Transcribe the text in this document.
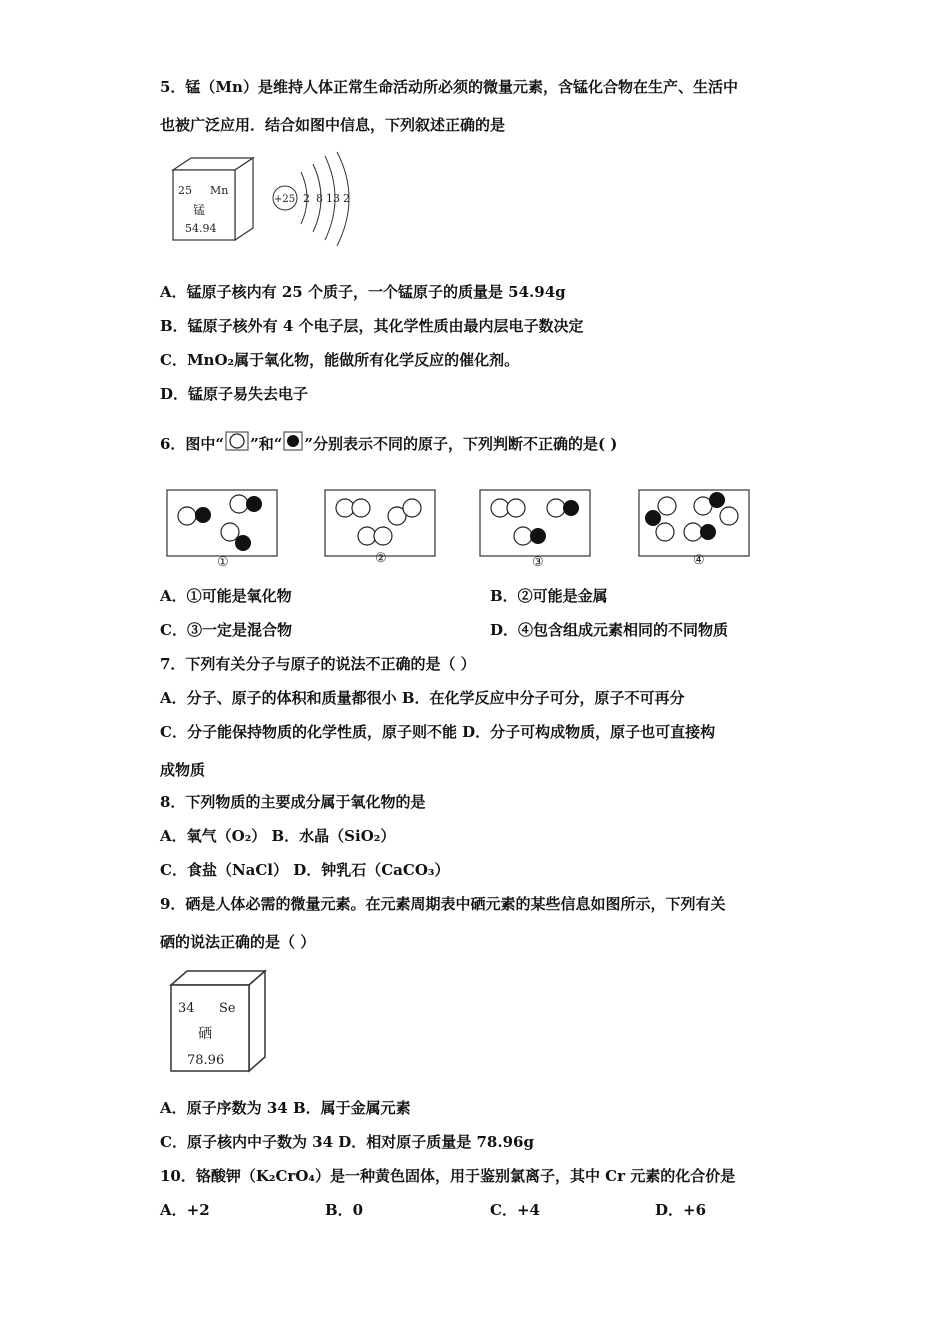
5．锰（Mn）是维持人体正常生命活动所必须的微量元素，含锰化合物在生产、生活中
也被广泛应用．结合如图中信息，下列叙述正确的是
25 Mn
锰
54.94
+25 2 8 13 2
A．锰原子核内有 25 个质子，一个锰原子的质量是 54.94g
B．锰原子核外有 4 个电子层，其化学性质由最内层电子数决定
C．MnO₂属于氧化物，能做所有化学反应的催化剂。
D．锰原子易失去电子
6．图中“ ”和“ ”分别表示不同的原子，下列判断不正确的是( )
①	②	③	④
A．①可能是氧化物	B．②可能是金属
C．③一定是混合物	D．④包含组成元素相同的不同物质
7．下列有关分子与原子的说法不正确的是（ ）
A．分子、原子的体积和质量都很小 B．在化学反应中分子可分，原子不可再分
C．分子能保持物质的化学性质，原子则不能 D．分子可构成物质，原子也可直接构
成物质
8．下列物质的主要成分属于氧化物的是
A．氧气（O₂） B．水晶（SiO₂）
C．食盐（NaCl） D．钟乳石（CaCO₃）
9．硒是人体必需的微量元素。在元素周期表中硒元素的某些信息如图所示，下列有关
硒的说法正确的是（ ）
34 Se
硒
78.96
A．原子序数为 34 B．属于金属元素
C．原子核内中子数为 34 D．相对原子质量是 78.96g
10．铬酸钾（K₂CrO₄）是一种黄色固体，用于鉴别氯离子，其中 Cr 元素的化合价是
A．+2	B．0	C．+4	D．+6
